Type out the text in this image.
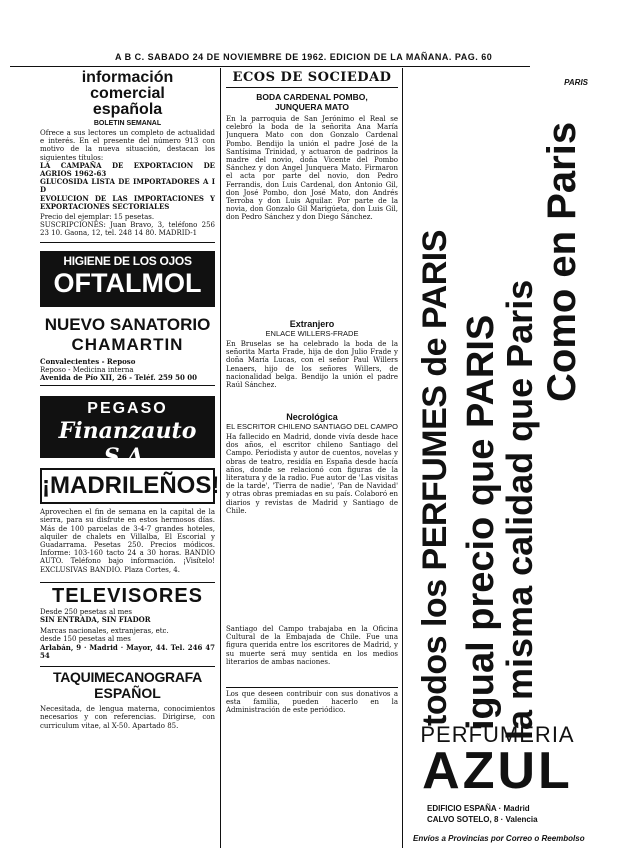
A B C. SABADO 24 DE NOVIEMBRE DE 1962. EDICION DE LA MAÑANA. PAG. 60
información
comercial
española
BOLETIN SEMANAL
Ofrece a sus lectores un completo de actualidad e interés. En el presente del número 913 con motivo de la nueva situación, destacan los siguientes títulos:
LA CAMPAÑA DE EXPORTACION DE AGRIOS 1962-63
GLUCOSIDA LISTA DE IMPORTADORES A I D
EVOLUCION DE LAS IMPORTACIONES Y EXPORTACIONES SECTORIALES
Precio del ejemplar: 15 pesetas.
SUSCRIPCIONES: Juan Bravo, 3, teléfono 256 23 10. Gaona, 12, tel. 248 14 80. MADRID-1
HIGIENE DE LOS OJOS
OFTALMOL
NUEVO SANATORIO
CHAMARTIN
Convalecientes - Reposo
Reposo - Medicina interna
Avenida de Pío XII, 26 - Teléf. 259 50 00
PEGASO
Finanzauto S.A.
¡MADRILEÑOS!
Aprovechen el fin de semana en la capital de la sierra, para su disfrute en estos hermosos días. Más de 100 parcelas de 3-4-7 grandes hoteles, alquiler de chalets en Villalba, El Escorial y Guadarrama. Pesetas 250. Precios módicos. Informe: 103-160 tacto 24 a 30 horas. BANDIO AUTO. Teléfono bajo información. ¡Visítelo! EXCLUSIVAS BANDIO. Plaza Cortes, 4.
TELEVISORES
Desde 250 pesetas al mes
SIN ENTRADA, SIN FIADOR
Marcas nacionales, extranjeras, etc.
desde 150 pesetas al mes
Arlabán, 9 · Madrid · Mayor, 44. Tel. 246 47 54
TAQUIMECANOGRAFA
ESPAÑOL
Necesitada, de lengua materna, conocimientos necesarios y con referencias. Dirigirse, con curriculum vitae, al X-50. Apartado 85.
ECOS DE SOCIEDAD
BODA CARDENAL POMBO,
JUNQUERA MATO
En la parroquia de San Jerónimo el Real se celebró la boda de la señorita Ana María Junquera Mato con don Gonzalo Cardenal Pombo. Bendijo la unión el padre José de la Santísima Trinidad, y actuaron de padrinos la madre del novio, doña Vicente del Pombo Sánchez y don Angel Junquera Mato. Firmaron el acta por parte del novio, don Pedro Ferrandis, don Luis Cardenal, don Antonio Gil, don José Pombo, don José Mato, don Andrés Terroba y don Luis Aguilar. Por parte de la novia, don Gonzalo Gil Marigúeta, don Luis Gil, don Pedro Sánchez y don Diego Sánchez.
Extranjero
ENLACE WILLERS-FRADE
En Bruselas se ha celebrado la boda de la señorita Marta Frade, hija de don Julio Frade y doña María Lucas, con el señor Paul Willers Lenaers, hijo de los señores Willers, de nacionalidad belga. Bendijo la unión el padre Raúl Sánchez.
Necrológica
EL ESCRITOR CHILENO SANTIAGO DEL CAMPO
Ha fallecido en Madrid, donde vivía desde hace dos años, el escritor chileno Santiago del Campo. Periodista y autor de cuentos, novelas y obras de teatro, residía en España desde hacía años, donde se relacionó con figuras de la literatura y de la radio. Fue autor de 'Las visitas de la tarde', 'Tierra de nadie', 'Pan de Navidad' y otras obras premiadas en su país. Colaboró en diarios y revistas de Madrid y Santiago de Chile.
Santiago del Campo trabajaba en la Oficina Cultural de la Embajada de Chile. Fue una figura querida entre los escritores de Madrid, y su muerte será muy sentida en los medios literarios de ambas naciones.
Los que deseen contribuir con sus donativos a esta familia, pueden hacerlo en la Administración de este periódico.
PARIS
Como en Paris
la misma calidad que Paris
igual precio que PARIS
todos los PERFUMES de PARIS
PERFUMERIA
AZUL
EDIFICIO ESPAÑA · Madrid
CALVO SOTELO, 8 · Valencia
Envíos a Provincias por Correo o Reembolso
